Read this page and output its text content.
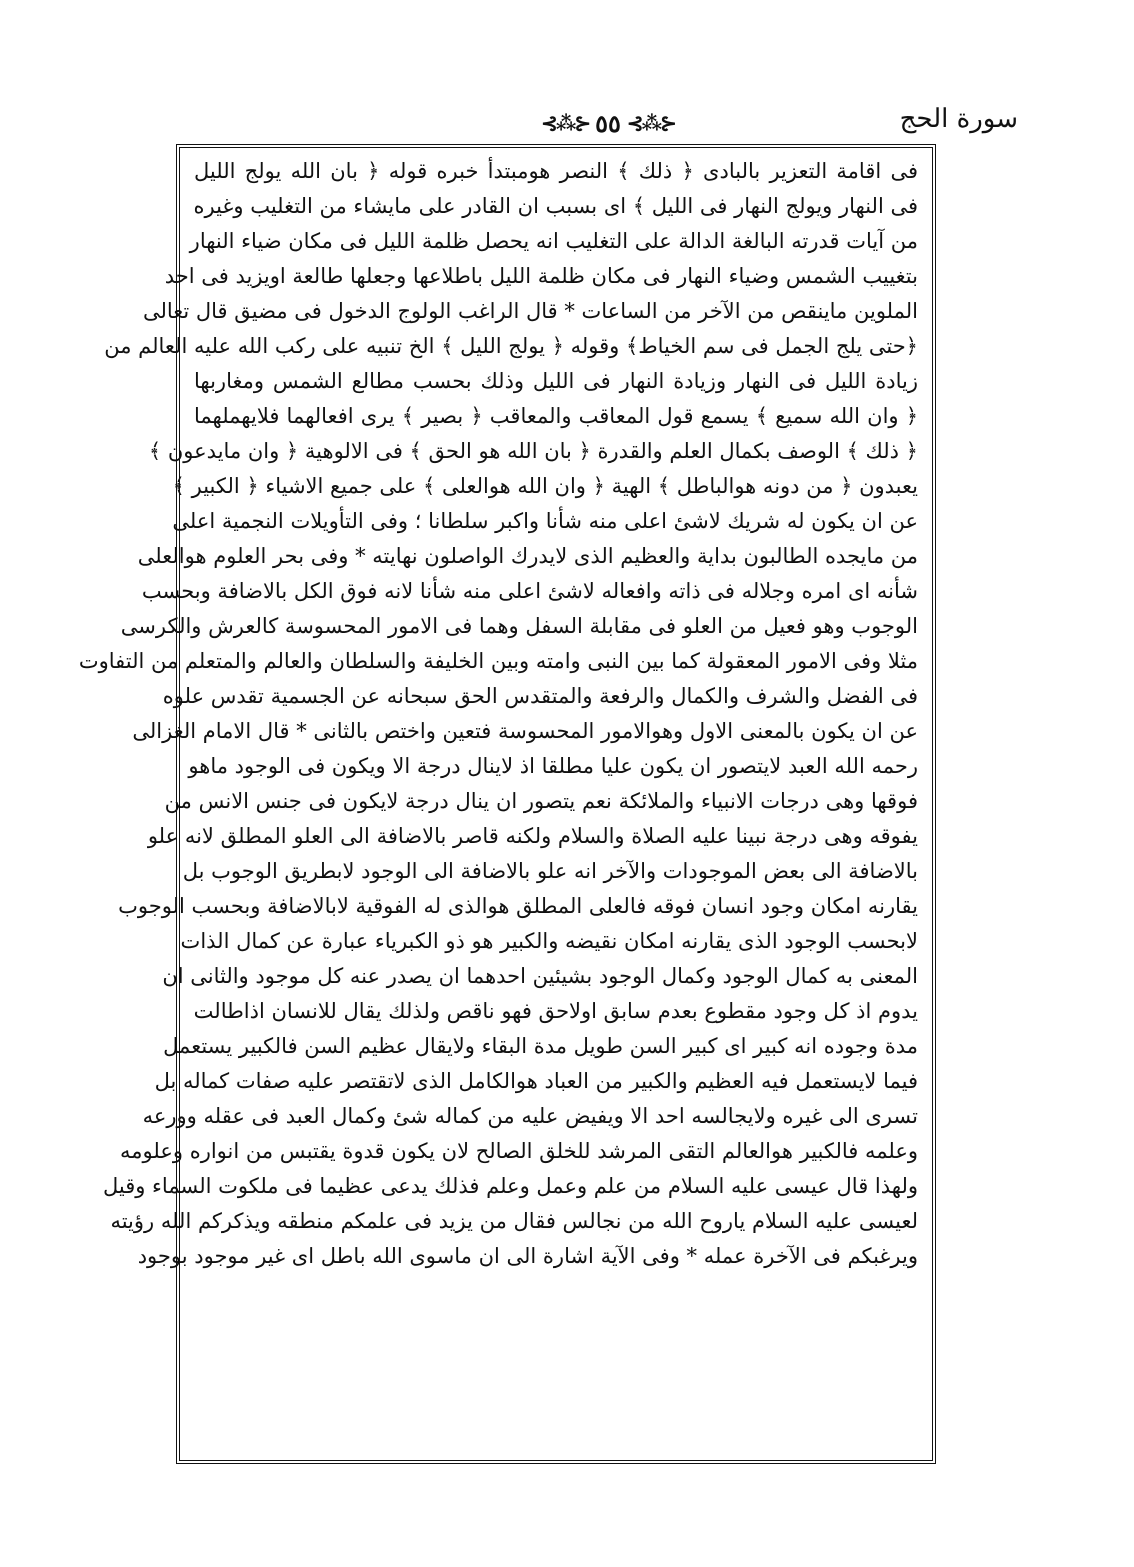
سورة الحج
⊰⁂⊱ ٥٥ ⊰⁂⊱
فى اقامة التعزير بالبادى ﴿ ذلك ﴾ النصر هومبتدأ خبره قوله ﴿ بان الله يولج الليل
فى النهار ويولج النهار فى الليل ﴾ اى بسبب ان القادر على مايشاء من التغليب وغيره
من آيات قدرته البالغة الدالة على التغليب انه يحصل ظلمة الليل فى مكان ضياء النهار
بتغييب الشمس وضياء النهار فى مكان ظلمة الليل باطلاعها وجعلها طالعة اويزيد فى احد
الملوين ماينقص من الآخر من الساعات * قال الراغب الولوج الدخول فى مضيق قال تعالى
﴿حتى يلج الجمل فى سم الخياط﴾ وقوله ﴿ يولج الليل ﴾ الخ تنبيه على ركب الله عليه العالم من
زيادة الليل فى النهار وزيادة النهار فى الليل وذلك بحسب مطالع الشمس ومغاربها
﴿ وان الله سميع ﴾ يسمع قول المعاقب والمعاقب ﴿ بصير ﴾ يرى افعالهما فلايهملهما
﴿ ذلك ﴾ الوصف بكمال العلم والقدرة ﴿ بان الله هو الحق ﴾ فى الالوهية ﴿ وان مايدعون ﴾
يعبدون ﴿ من دونه هوالباطل ﴾ الهية ﴿ وان الله هوالعلى ﴾ على جميع الاشياء ﴿ الكبير ﴾
عن ان يكون له شريك لاشئ اعلى منه شأنا واكبر سلطانا ؛ وفى التأويلات النجمية اعلى
من مايجده الطالبون بداية والعظيم الذى لايدرك الواصلون نهايته * وفى بحر العلوم هوالعلى
شأنه اى امره وجلاله فى ذاته وافعاله لاشئ اعلى منه شأنا لانه فوق الكل بالاضافة وبحسب
الوجوب وهو فعيل من العلو فى مقابلة السفل وهما فى الامور المحسوسة كالعرش والكرسى
مثلا وفى الامور المعقولة كما بين النبى وامته وبين الخليفة والسلطان والعالم والمتعلم من التفاوت
فى الفضل والشرف والكمال والرفعة والمتقدس الحق سبحانه عن الجسمية تقدس علوه
عن ان يكون بالمعنى الاول وهوالامور المحسوسة فتعين واختص بالثانى * قال الامام الغزالى
رحمه الله العبد لايتصور ان يكون عليا مطلقا اذ لاينال درجة الا ويكون فى الوجود ماهو
فوقها وهى درجات الانبياء والملائكة نعم يتصور ان ينال درجة لايكون فى جنس الانس من
يفوقه وهى درجة نبينا عليه الصلاة والسلام ولكنه قاصر بالاضافة الى العلو المطلق لانه علو
بالاضافة الى بعض الموجودات والآخر انه علو بالاضافة الى الوجود لابطريق الوجوب بل
يقارنه امكان وجود انسان فوقه فالعلى المطلق هوالذى له الفوقية لابالاضافة وبحسب الوجوب
لابحسب الوجود الذى يقارنه امكان نقيضه والكبير هو ذو الكبرياء عبارة عن كمال الذات
المعنى به كمال الوجود وكمال الوجود بشيئين احدهما ان يصدر عنه كل موجود والثانى ان
يدوم اذ كل وجود مقطوع بعدم سابق اولاحق فهو ناقص ولذلك يقال للانسان اذاطالت
مدة وجوده انه كبير اى كبير السن طويل مدة البقاء ولايقال عظيم السن فالكبير يستعمل
فيما لايستعمل فيه العظيم والكبير من العباد هوالكامل الذى لاتقتصر عليه صفات كماله بل
تسرى الى غيره ولايجالسه احد الا ويفيض عليه من كماله شئ وكمال العبد فى عقله وورعه
وعلمه فالكبير هوالعالم التقى المرشد للخلق الصالح لان يكون قدوة يقتبس من انواره وعلومه
ولهذا قال عيسى عليه السلام من علم وعمل وعلم فذلك يدعى عظيما فى ملكوت السماء وقيل
لعيسى عليه السلام ياروح الله من نجالس فقال من يزيد فى علمكم منطقه ويذكركم الله رؤيته
ويرغبكم فى الآخرة عمله * وفى الآية اشارة الى ان ماسوى الله باطل اى غير موجود بوجود
